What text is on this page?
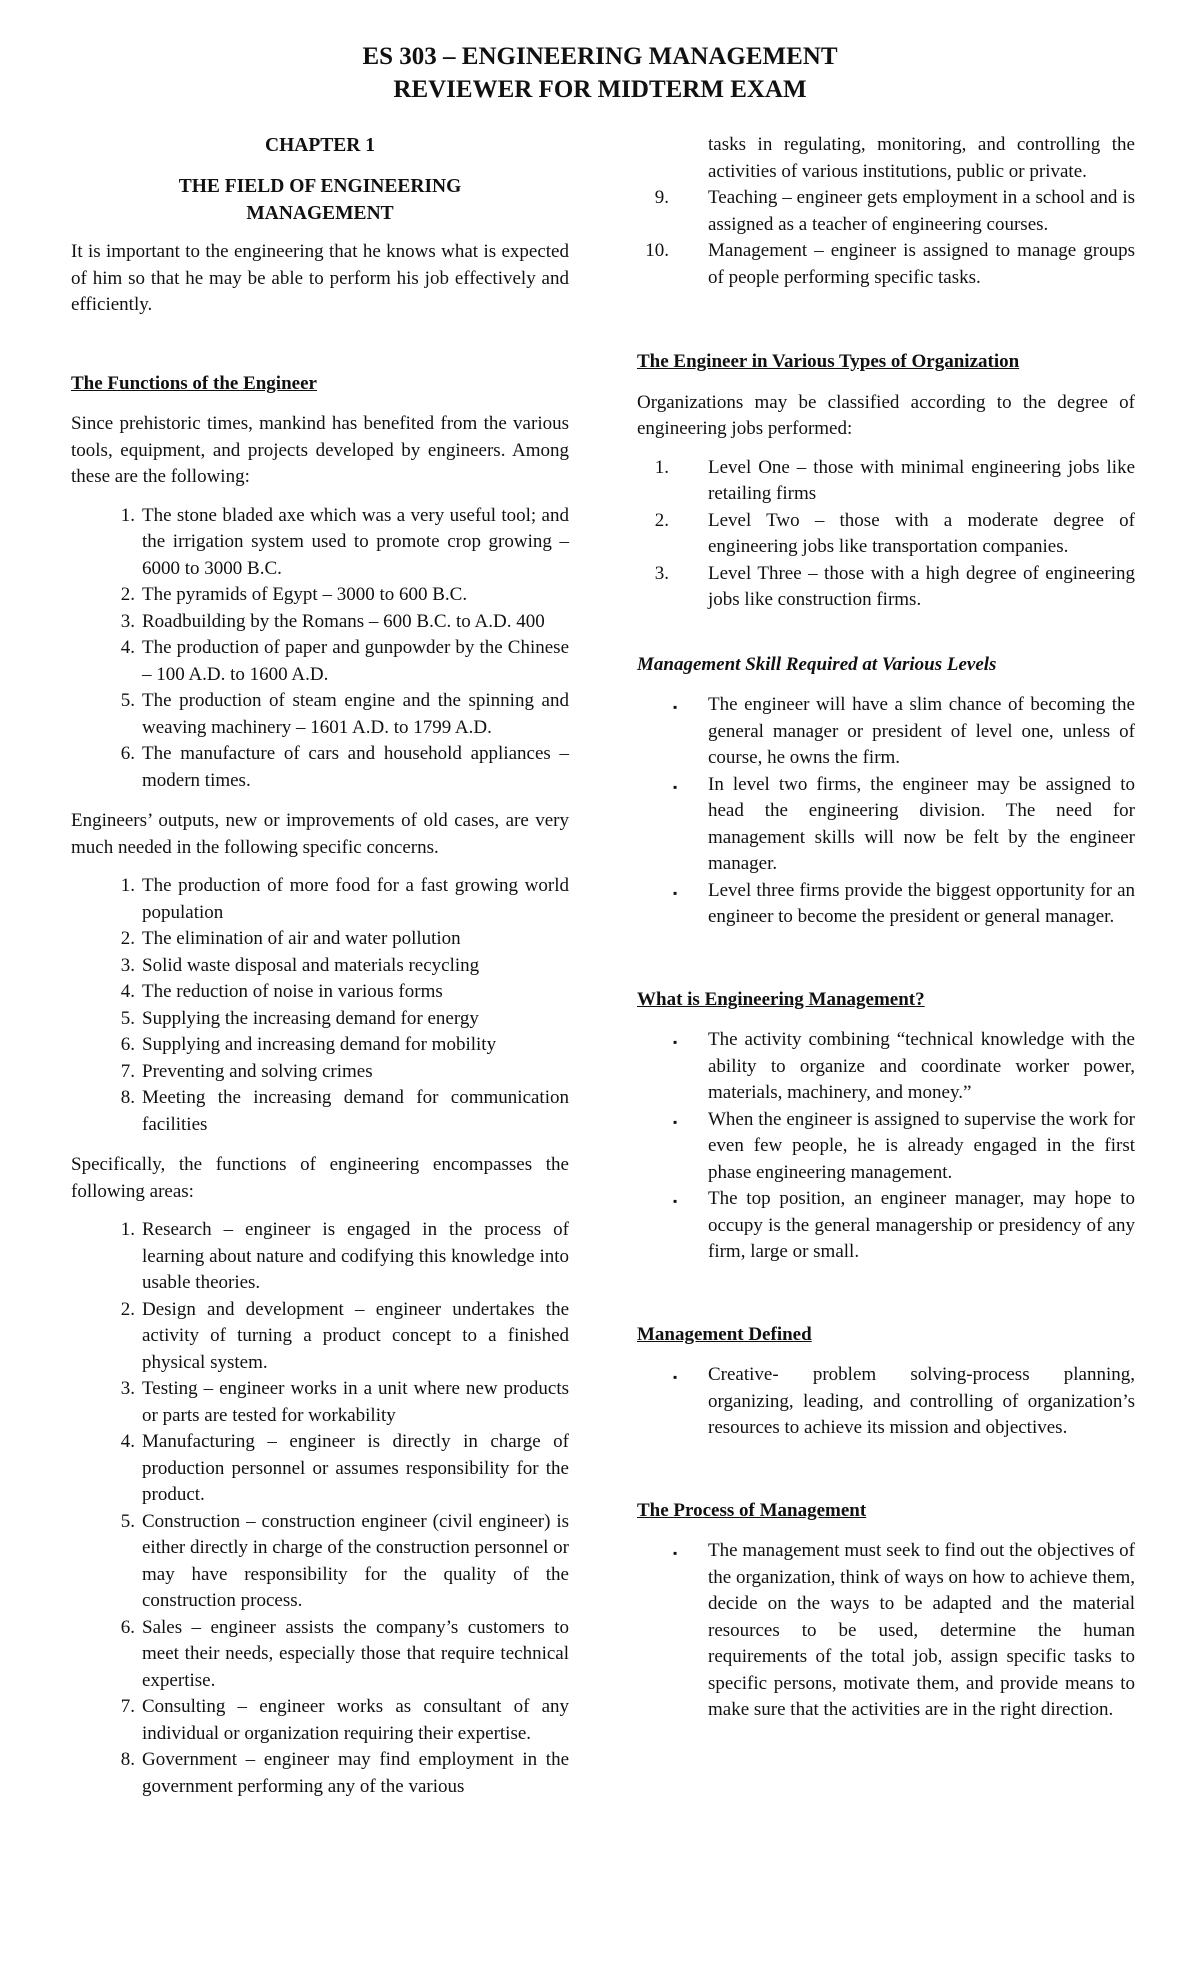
ES 303 – ENGINEERING MANAGEMENT
REVIEWER FOR MIDTERM EXAM
CHAPTER 1
THE FIELD OF ENGINEERING MANAGEMENT

It is important to the engineering that he knows what is expected of him so that he may be able to perform his job effectively and efficiently.

The Functions of the Engineer

Since prehistoric times, mankind has benefited from the various tools, equipment, and projects developed by engineers. Among these are the following:

1. The stone bladed axe which was a very useful tool; and the irrigation system used to promote crop growing – 6000 to 3000 B.C.
2. The pyramids of Egypt – 3000 to 600 B.C.
3. Roadbuilding by the Romans – 600 B.C. to A.D. 400
4. The production of paper and gunpowder by the Chinese – 100 A.D. to 1600 A.D.
5. The production of steam engine and the spinning and weaving machinery – 1601 A.D. to 1799 A.D.
6. The manufacture of cars and household appliances – modern times.

Engineers’ outputs, new or improvements of old cases, are very much needed in the following specific concerns.

1. The production of more food for a fast growing world population
2. The elimination of air and water pollution
3. Solid waste disposal and materials recycling
4. The reduction of noise in various forms
5. Supplying the increasing demand for energy
6. Supplying and increasing demand for mobility
7. Preventing and solving crimes
8. Meeting the increasing demand for communication facilities

Specifically, the functions of engineering encompasses the following areas:

1. Research – engineer is engaged in the process of learning about nature and codifying this knowledge into usable theories.
2. Design and development – engineer undertakes the activity of turning a product concept to a finished physical system.
3. Testing – engineer works in a unit where new products or parts are tested for workability
4. Manufacturing – engineer is directly in charge of production personnel or assumes responsibility for the product.
5. Construction – construction engineer (civil engineer) is either directly in charge of the construction personnel or may have responsibility for the quality of the construction process.
6. Sales – engineer assists the company’s customers to meet their needs, especially those that require technical expertise.
7. Consulting – engineer works as consultant of any individual or organization requiring their expertise.
8. Government – engineer may find employment in the government performing any of the various
tasks in regulating, monitoring, and controlling the activities of various institutions, public or private.
9. Teaching – engineer gets employment in a school and is assigned as a teacher of engineering courses.
10. Management – engineer is assigned to manage groups of people performing specific tasks.

The Engineer in Various Types of Organization

Organizations may be classified according to the degree of engineering jobs performed:

1. Level One – those with minimal engineering jobs like retailing firms
2. Level Two – those with a moderate degree of engineering jobs like transportation companies.
3. Level Three – those with a high degree of engineering jobs like construction firms.

Management Skill Required at Various Levels

▪	The engineer will have a slim chance of becoming the general manager or president of level one, unless of course, he owns the firm.
▪	In level two firms, the engineer may be assigned to head the engineering division. The need for management skills will now be felt by the engineer manager.
▪	Level three firms provide the biggest opportunity for an engineer to become the president or general manager.

What is Engineering Management?

▪	The activity combining “technical knowledge with the ability to organize and coordinate worker power, materials, machinery, and money.”
▪	When the engineer is assigned to supervise the work for even few people, he is already engaged in the first phase engineering management.
▪	The top position, an engineer manager, may hope to occupy is the general managership or presidency of any firm, large or small.

Management Defined

▪	Creative- problem solving-process planning, organizing, leading, and controlling of organization’s resources to achieve its mission and objectives.

The Process of Management

▪	The management must seek to find out the objectives of the organization, think of ways on how to achieve them, decide on the ways to be adapted and the material resources to be used, determine the human requirements of the total job, assign specific tasks to specific persons, motivate them, and provide means to make sure that the activities are in the right direction.
